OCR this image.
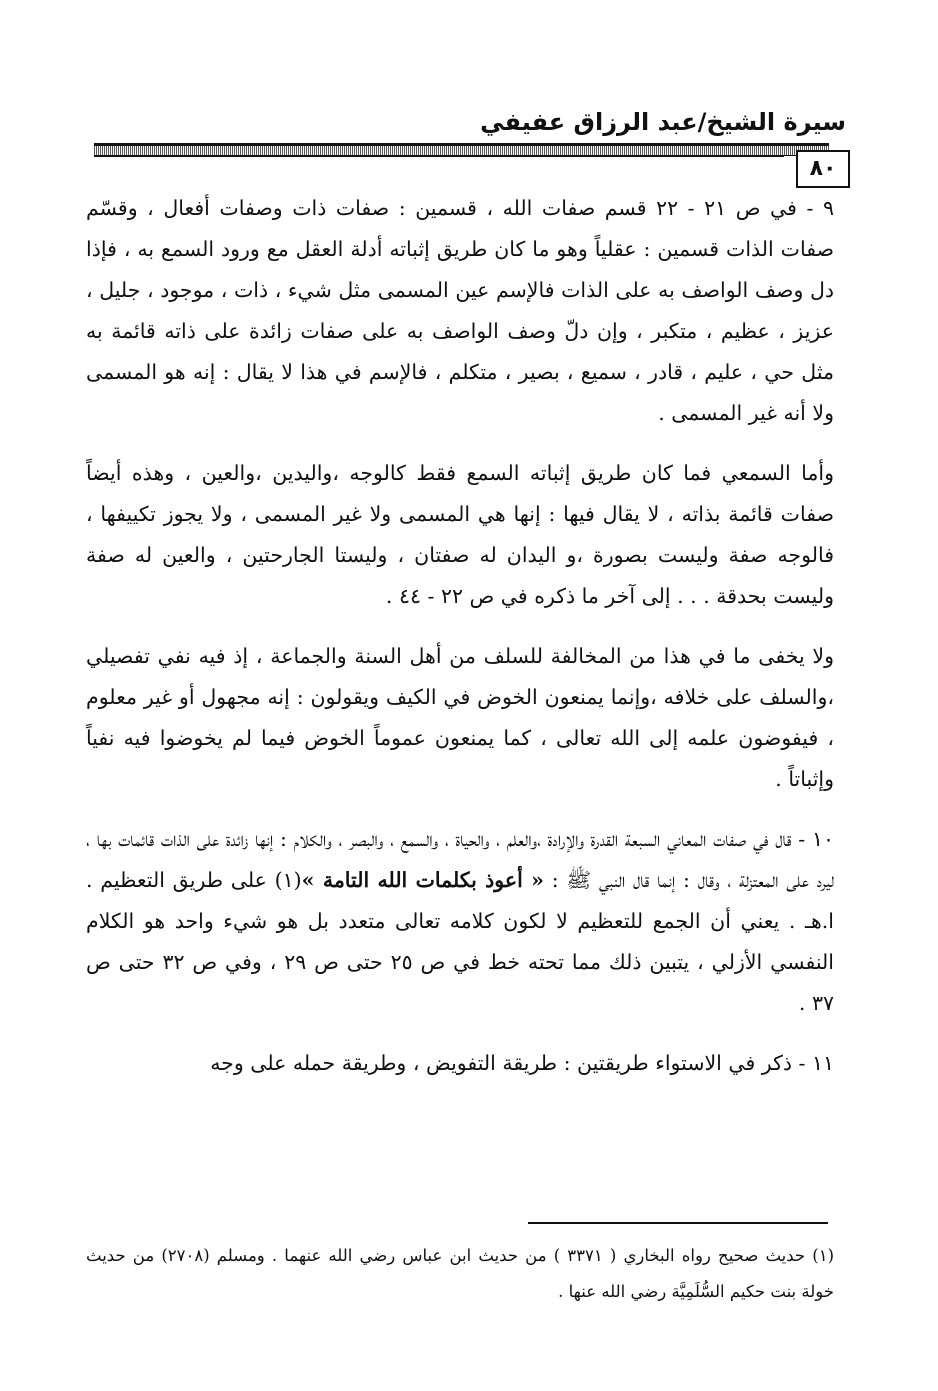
سيرة الشيخ/عبد الرزاق عفيفي
٨٠

٩ - في ص ٢١ - ٢٢ قسم صفات الله ، قسمين : صفات ذات وصفات أفعال ، وقسّم صفات الذات قسمين : عقلياً وهو ما كان طريق إثباته أدلة العقل مع ورود السمع به ، فإذا دل وصف الواصف به على الذات فالإسم عين المسمى مثل شيء ، ذات ، موجود ، جليل ، عزيز ، عظيم ، متكبر ، وإن دلّ وصف الواصف به على صفات زائدة على ذاته قائمة به مثل حي ، عليم ، قادر ، سميع ، بصير ، متكلم ، فالإسم في هذا لا يقال : إنه هو المسمى ولا أنه غير المسمى .

وأما السمعي فما كان طريق إثباته السمع فقط كالوجه ،واليدين ،والعين ، وهذه أيضاً صفات قائمة بذاته ، لا يقال فيها : إنها هي المسمى ولا غير المسمى ، ولا يجوز تكييفها ، فالوجه صفة وليست بصورة ،و اليدان له صفتان ، وليستا الجارحتين ، والعين له صفة وليست بحدقة . . . إلى آخر ما ذكره في ص ٢٢ - ٤٤ .

ولا يخفى ما في هذا من المخالفة للسلف من أهل السنة والجماعة ، إذ فيه نفي تفصيلي ،والسلف على خلافه ،وإنما يمنعون الخوض في الكيف ويقولون : إنه مجهول أو غير معلوم ، فيفوضون علمه إلى الله تعالى ، كما يمنعون عموماً الخوض فيما لم يخوضوا فيه نفياً وإثباتاً .

١٠ - قال في صفات المعاني السبعة القدرة والإرادة ،والعلم ، والحياة ، والسمع ، والبصر ، والكلام : إنها زائدة على الذات قائمات بها ، ليرد على المعتزلة ، وقال : إنما قال النبي ﷺ : « أعوذ بكلمات الله التامة »(١) على طريق التعظيم . ا.هـ . يعني أن الجمع للتعظيم لا لكون كلامه تعالى متعدد بل هو شيء واحد هو الكلام النفسي الأزلي ، يتبين ذلك مما تحته خط في ص ٢٥ حتى ص ٢٩ ، وفي ص ٣٢ حتى ص ٣٧ .

١١ - ذكر في الاستواء طريقتين : طريقة التفويض ، وطريقة حمله على وجه

(١) حديث صحيح رواه البخاري ( ٣٣٧١ ) من حديث ابن عباس رضي الله عنهما . ومسلم (٢٧٠٨) من حديث خولة بنت حكيم السُّلَمِيَّة رضي الله عنها .
